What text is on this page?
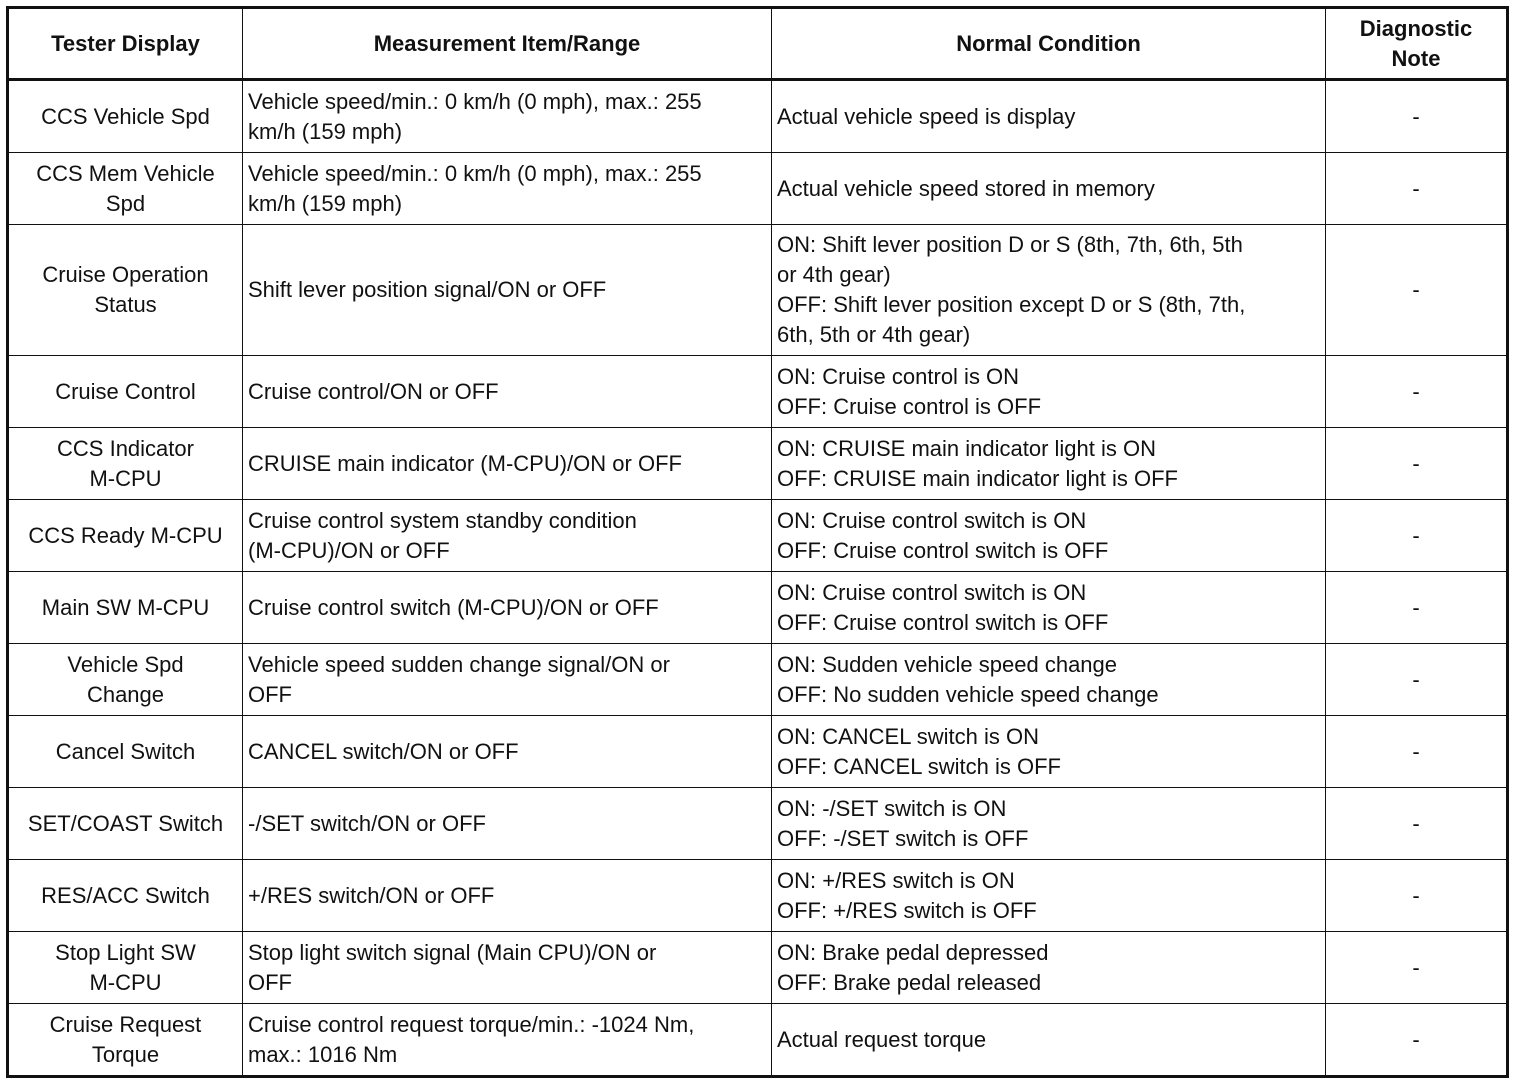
Tester Display	Measurement Item/Range	Normal Condition	Diagnostic
Note

CCS Vehicle Spd	Vehicle speed/min.: 0 km/h (0 mph), max.: 255
km/h (159 mph)	Actual vehicle speed is display	-

CCS Mem Vehicle
Spd	Vehicle speed/min.: 0 km/h (0 mph), max.: 255
km/h (159 mph)	Actual vehicle speed stored in memory	-

Cruise Operation
Status	Shift lever position signal/ON or OFF	ON: Shift lever position D or S (8th, 7th, 6th, 5th
or 4th gear)
OFF: Shift lever position except D or S (8th, 7th,
6th, 5th or 4th gear)	-

Cruise Control	Cruise control/ON or OFF	ON: Cruise control is ON
OFF: Cruise control is OFF	-

CCS Indicator
M-CPU	CRUISE main indicator (M-CPU)/ON or OFF	ON: CRUISE main indicator light is ON
OFF: CRUISE main indicator light is OFF	-

CCS Ready M-CPU	Cruise control system standby condition
(M-CPU)/ON or OFF	ON: Cruise control switch is ON
OFF: Cruise control switch is OFF	-

Main SW M-CPU	Cruise control switch (M-CPU)/ON or OFF	ON: Cruise control switch is ON
OFF: Cruise control switch is OFF	-

Vehicle Spd
Change	Vehicle speed sudden change signal/ON or
OFF	ON: Sudden vehicle speed change
OFF: No sudden vehicle speed change	-

Cancel Switch	CANCEL switch/ON or OFF	ON: CANCEL switch is ON
OFF: CANCEL switch is OFF	-

SET/COAST Switch	-/SET switch/ON or OFF	ON: -/SET switch is ON
OFF: -/SET switch is OFF	-

RES/ACC Switch	+/RES switch/ON or OFF	ON: +/RES switch is ON
OFF: +/RES switch is OFF	-

Stop Light SW
M-CPU	Stop light switch signal (Main CPU)/ON or
OFF	ON: Brake pedal depressed
OFF: Brake pedal released	-

Cruise Request
Torque	Cruise control request torque/min.: -1024 Nm,
max.: 1016 Nm	Actual request torque	-
